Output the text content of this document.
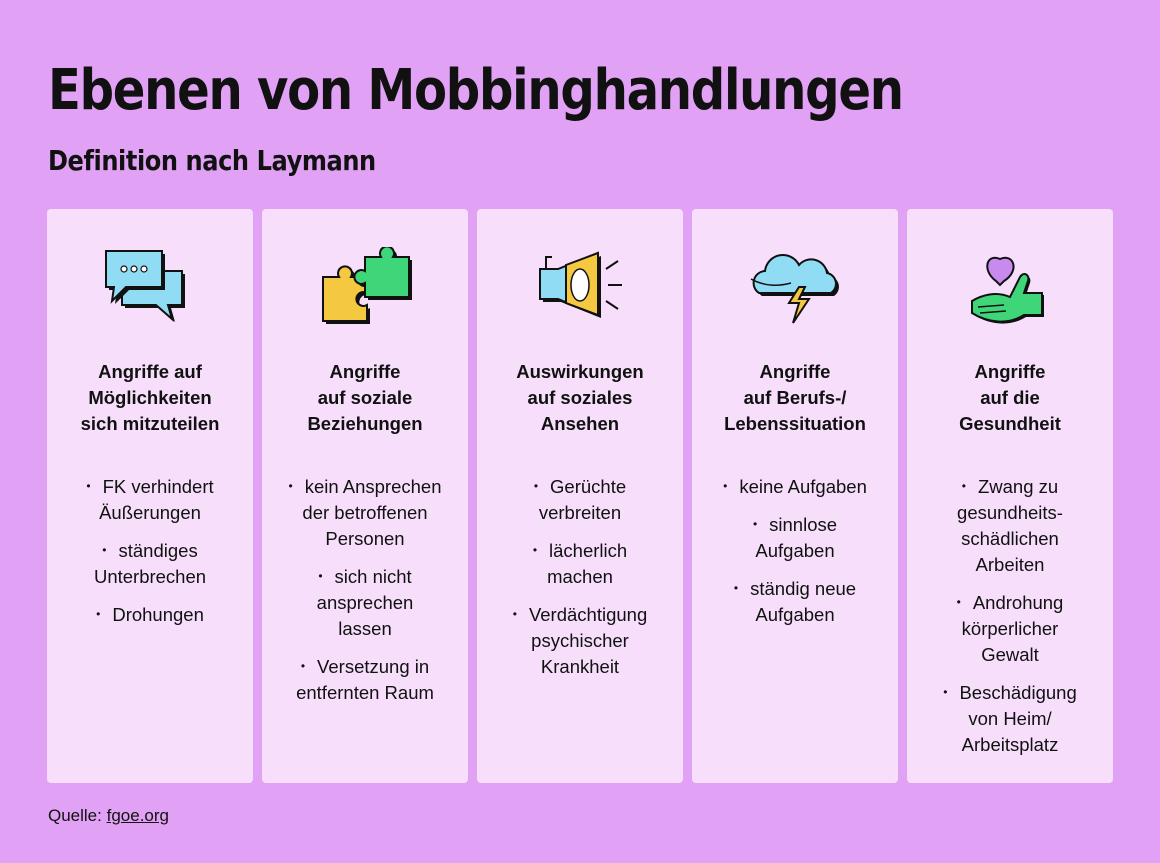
Ebenen von Mobbinghandlungen
Definition nach Laymann
Angriffe auf
Möglichkeiten
sich mitzuteilen
• FK verhindert
Äußerungen
• ständiges
Unterbrechen
• Drohungen
Angriffe
auf soziale
Beziehungen
• kein Ansprechen
der betroffenen
Personen
• sich nicht
ansprechen
lassen
• Versetzung in
entfernten Raum
Auswirkungen
auf soziales
Ansehen
• Gerüchte
verbreiten
• lächerlich
machen
• Verdächtigung
psychischer
Krankheit
Angriffe
auf Berufs-/
Lebenssituation
• keine Aufgaben
• sinnlose
Aufgaben
• ständig neue
Aufgaben
Angriffe
auf die
Gesundheit
• Zwang zu
gesundheits-
schädlichen
Arbeiten
• Androhung
körperlicher
Gewalt
• Beschädigung
von Heim/
Arbeitsplatz
Quelle: fgoe.org
